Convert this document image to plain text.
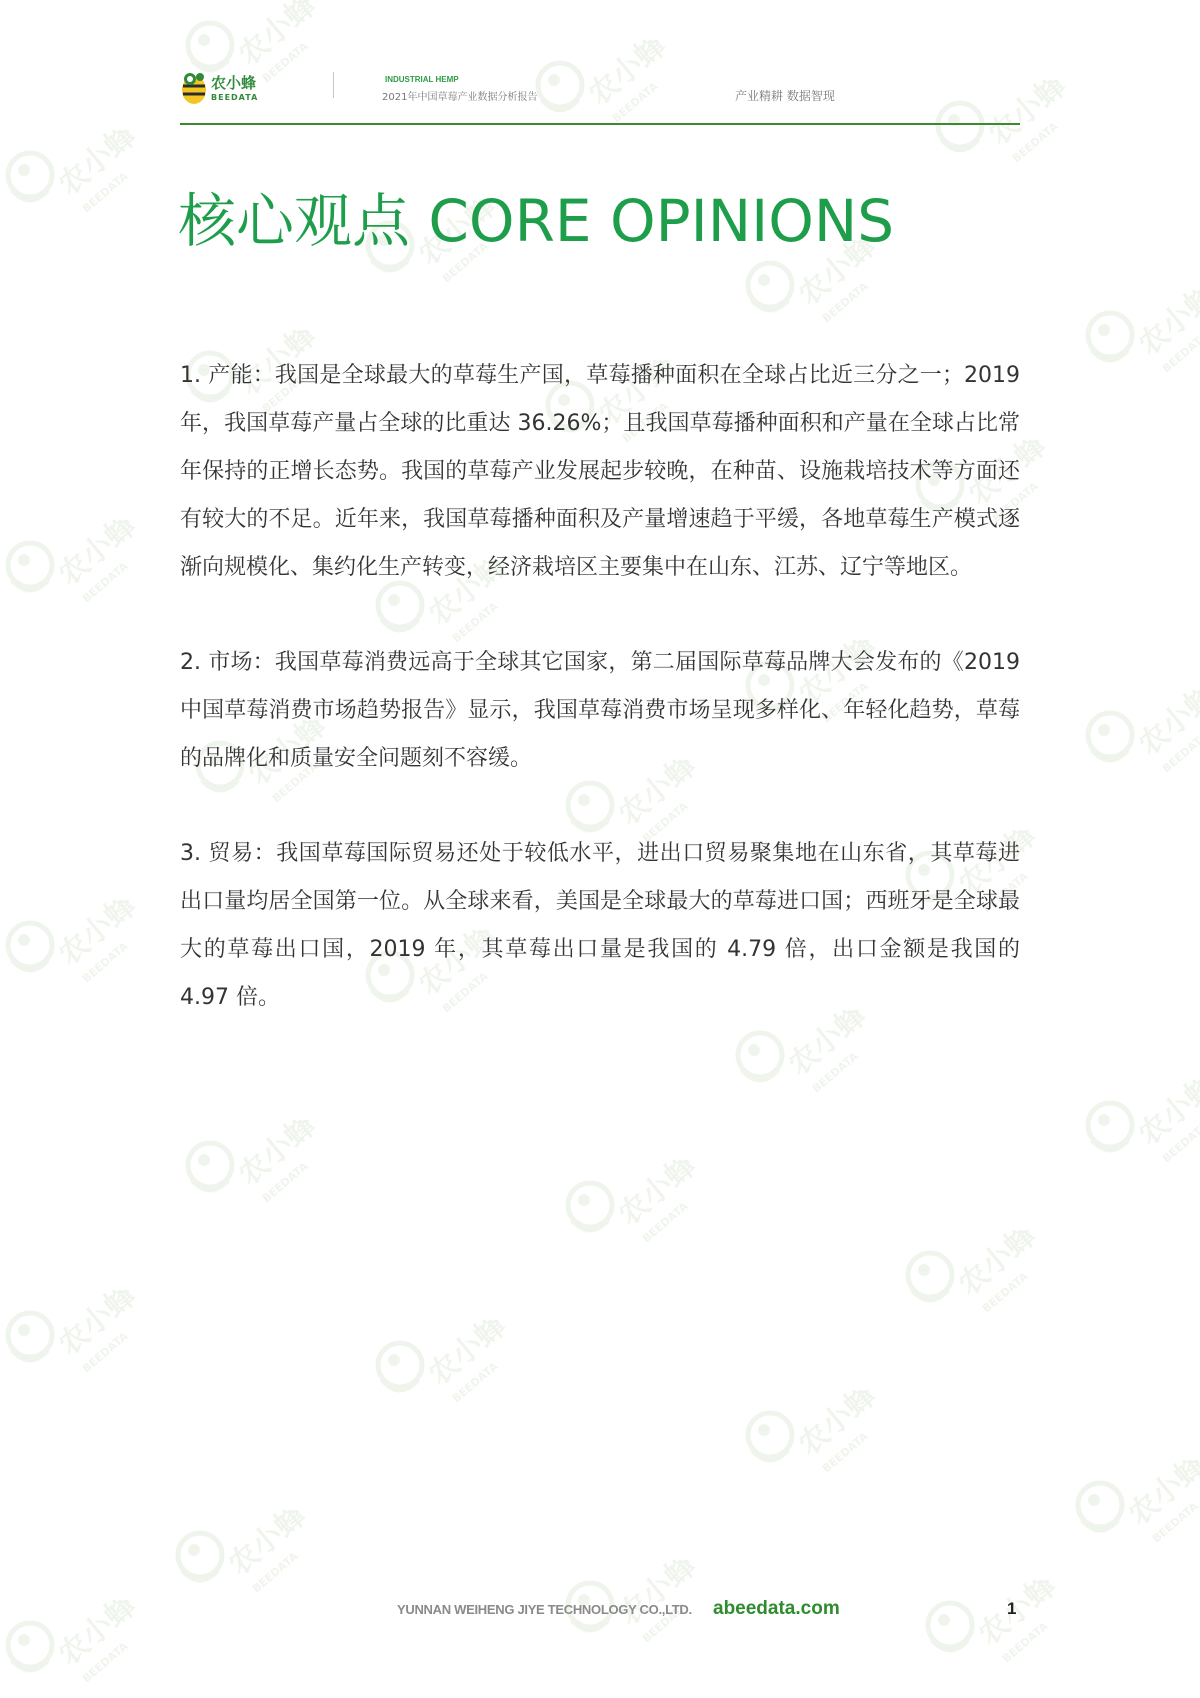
农小蜂
BEEDATA
INDUSTRIAL HEMP
2021年中国草莓产业数据分析报告	产业精耕 数据智现
核心观点 CORE OPINIONS

1. 产能：我国是全球最大的草莓生产国，草莓播种面积在全球占比近三分之一；2019 年，我国草莓产量占全球的比重达 36.26%；且我国草莓播种面积和产量在全球占比常年保持的正增长态势。我国的草莓产业发展起步较晚，在种苗、设施栽培技术等方面还有较大的不足。近年来，我国草莓播种面积及产量增速趋于平缓，各地草莓生产模式逐渐向规模化、集约化生产转变，经济栽培区主要集中在山东、江苏、辽宁等地区。

2. 市场：我国草莓消费远高于全球其它国家，第二届国际草莓品牌大会发布的《2019 中国草莓消费市场趋势报告》显示，我国草莓消费市场呈现多样化、年轻化趋势，草莓的品牌化和质量安全问题刻不容缓。

3. 贸易：我国草莓国际贸易还处于较低水平，进出口贸易聚集地在山东省，其草莓进出口量均居全国第一位。从全球来看，美国是全球最大的草莓进口国；西班牙是全球最大的草莓出口国，2019 年，其草莓出口量是我国的 4.79 倍，出口金额是我国的 4.97 倍。

YUNNAN WEIHENG JIYE TECHNOLOGY CO.,LTD. abeedata.com	1
